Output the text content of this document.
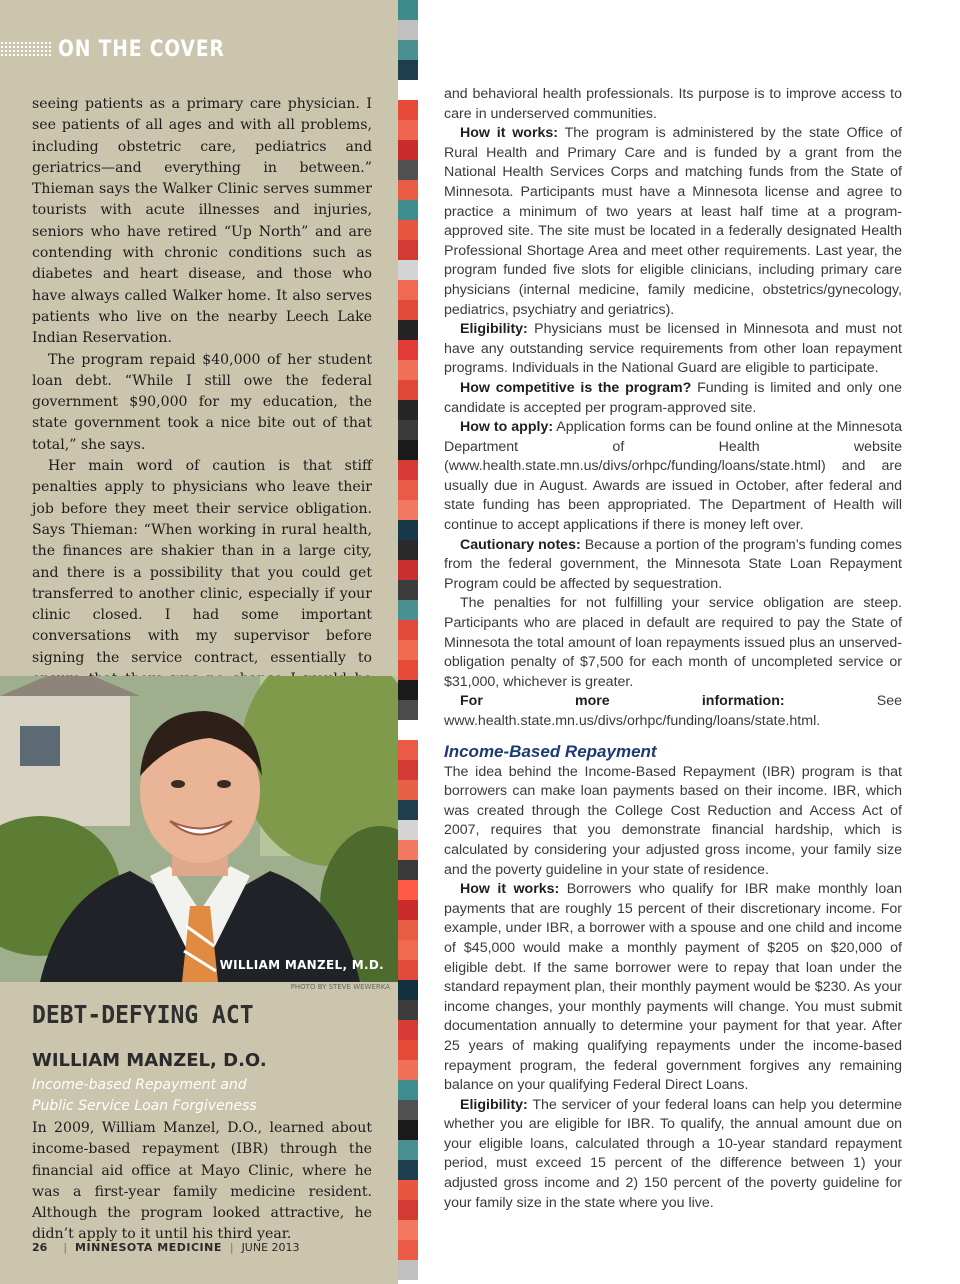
ON THE COVER

seeing patients as a primary care physician. I see patients of all ages and with all problems, including obstetric care, pediatrics and geriatrics—and everything in between.” Thieman says the Walker Clinic serves summer tourists with acute illnesses and injuries, seniors who have retired “Up North” and are contending with chronic conditions such as diabetes and heart disease, and those who have always called Walker home. It also serves patients who live on the nearby Leech Lake Indian Reservation.

The program repaid $40,000 of her student loan debt. “While I still owe the federal government $90,000 for my education, the state government took a nice bite out of that total,” she says.

Her main word of caution is that stiff penalties apply to physicians who leave their job before they meet their service obligation. Says Thieman: “When working in rural health, the finances are shakier than in a large city, and there is a possibility that you could get transferred to another clinic, especially if your clinic closed. I had some important conversations with my supervisor before signing the service contract, essentially to

WILLIAM MANZEL, M.D.
PHOTO BY STEVE WEWERKA
DEBT-DEFYING ACT
WILLIAM MANZEL, D.O.
Income-based Repayment and
Public Service Loan Forgiveness
In 2009, William Manzel, D.O., learned about income-based repayment (IBR) through the financial aid office at Mayo Clinic, where he was a first-year family medicine resident. Although the program looked attractive, he didn’t apply to it until his third year.
26 | MINNESOTA MEDICINE | JUNE 2013

and behavioral health professionals. Its purpose is to improve access to care in underserved communities.

How it works: The program is administered by the state Office of Rural Health and Primary Care and is funded by a grant from the National Health Services Corps and matching funds from the State of Minnesota. Participants must have a Minnesota license and agree to practice a minimum of two years at least half time at a program-approved site. The site must be located in a federally designated Health Professional Shortage Area and meet other requirements. Last year, the program funded five slots for eligible clinicians, including primary care physicians (internal medicine, family medicine, obstetrics/gynecology, pediatrics, psychiatry and geriatrics).

Eligibility: Physicians must be licensed in Minnesota and must not have any outstanding service requirements from other loan repayment programs. Individuals in the National Guard are eligible to participate.

How competitive is the program? Funding is limited and only one candidate is accepted per program-approved site.

How to apply: Application forms can be found online at the Minnesota Department of Health website (www.health.state.mn.us/divs/orhpc/funding/loans/state.html) and are usually due in August. Awards are issued in October, after federal and state funding has been appropriated. The Department of Health will continue to accept applications if there is money left over.

Cautionary notes: Because a portion of the program’s funding comes from the federal government, the Minnesota State Loan Repayment Program could be affected by sequestration.

The penalties for not fulfilling your service obligation are steep. Participants who are placed in default are required to pay the State of Minnesota the total amount of loan repayments issued plus an unserved-obligation penalty of $7,500 for each month of uncompleted service or $31,000, whichever is greater.

For more information: See www.health.state.mn.us/divs/orhpc/funding/loans/state.html.

Income-Based Repayment

The idea behind the Income-Based Repayment (IBR) program is that borrowers can make loan payments based on their income. IBR, which was created through the College Cost Reduction and Access Act of 2007, requires that you demonstrate financial hardship, which is calculated by considering your adjusted gross income, your family size and the poverty guideline in your state of residence.

How it works: Borrowers who qualify for IBR make monthly loan payments that are roughly 15 percent of their discretionary income. For example, under IBR, a borrower with a spouse and one child and income of $45,000 would make a monthly payment of $205 on $20,000 of eligible debt. If the same borrower were to repay that loan under the standard repayment plan, their monthly payment would be $230. As your income changes, your monthly payments will change. You must submit documentation annually to determine your payment for that year. After 25 years of making qualifying repayments under the income-based repayment program, the federal government forgives any remaining balance on your qualifying Federal Direct Loans.

Eligibility: The servicer of your federal loans can help you determine whether you are eligible for IBR. To qualify, the annual amount due on your eligible loans, calculated through a 10-year standard repayment period, must exceed 15 percent of the difference between 1) your adjusted gross income and 2) 150 percent of the poverty guideline for your family size in the state where you live.
